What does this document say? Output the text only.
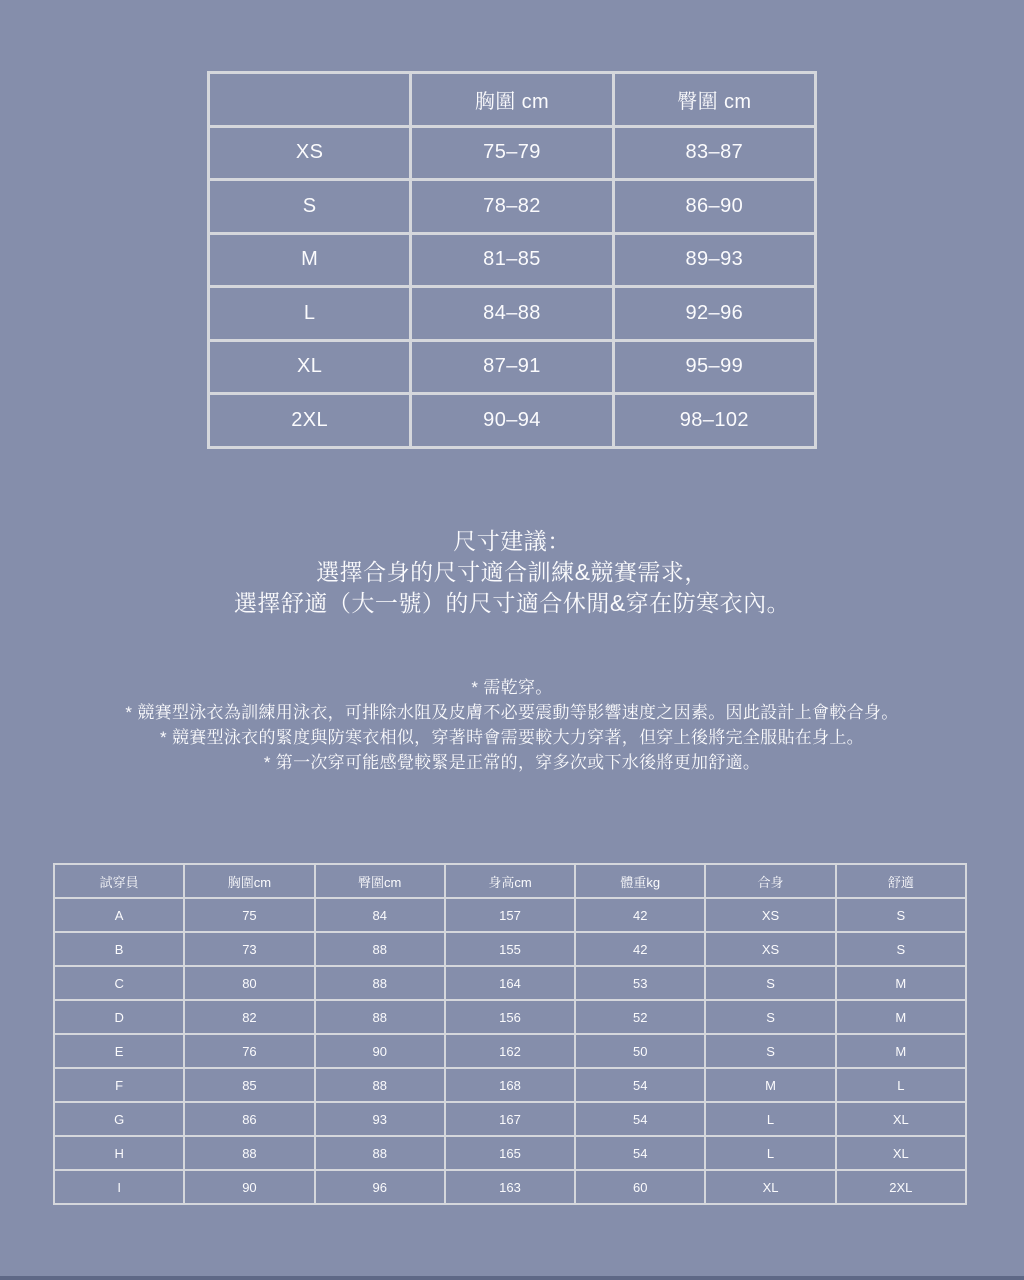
	胸圍 cm	臀圍 cm
XS	75–79	83–87
S	78–82	86–90
M	81–85	89–93
L	84–88	92–96
XL	87–91	95–99
2XL	90–94	98–102
尺寸建議：
選擇合身的尺寸適合訓練&競賽需求，
選擇舒適（大一號）的尺寸適合休閒&穿在防寒衣內。
* 需乾穿。
* 競賽型泳衣為訓練用泳衣，可排除水阻及皮膚不必要震動等影響速度之因素。因此設計上會較合身。
* 競賽型泳衣的緊度與防寒衣相似，穿著時會需要較大力穿著，但穿上後將完全服貼在身上。
* 第一次穿可能感覺較緊是正常的，穿多次或下水後將更加舒適。
試穿員	胸圍cm	臀圍cm	身高cm	體重kg	合身	舒適
A	75	84	157	42	XS	S
B	73	88	155	42	XS	S
C	80	88	164	53	S	M
D	82	88	156	52	S	M
E	76	90	162	50	S	M
F	85	88	168	54	M	L
G	86	93	167	54	L	XL
H	88	88	165	54	L	XL
I	90	96	163	60	XL	2XL
